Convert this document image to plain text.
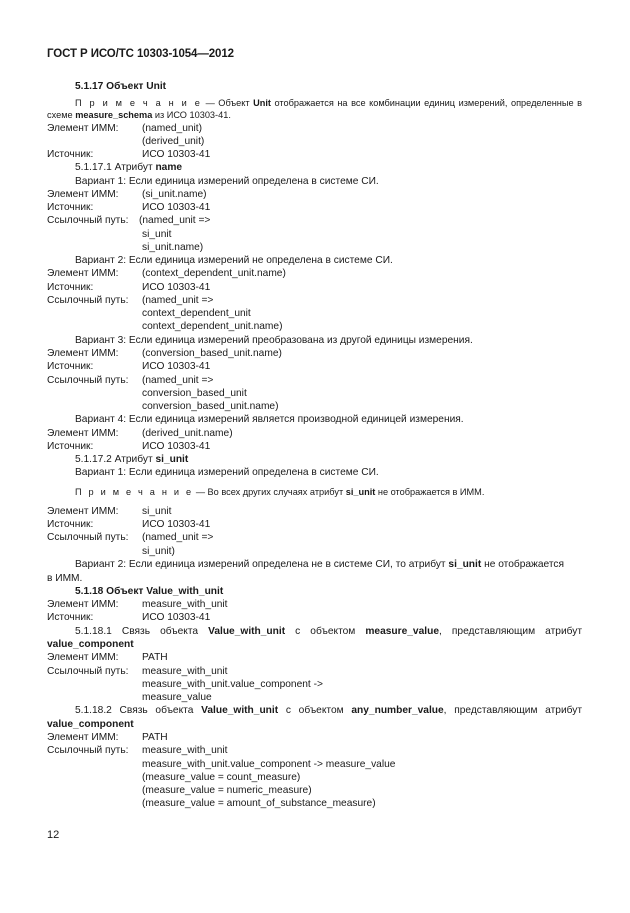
ГОСТ Р ИСО/ТС 10303-1054—2012
5.1.17 Объект Unit
П р и м е ч а н и е — Объект Unit отображается на все комбинации единиц измерений, определенные в
схеме measure_schema из ИСО 10303-41.
Элемент ИММ: (named_unit)
(derived_unit)
Источник:	ИСО 10303-41
5.1.17.1 Атрибут name
Вариант 1: Если единица измерений определена в системе СИ.
Элемент ИММ: (si_unit.name)
Источник:	ИСО 10303-41
Ссылочный путь: (named_unit =>
si_unit
si_unit.name)
Вариант 2: Если единица измерений не определена в системе СИ.
Элемент ИММ: (context_dependent_unit.name)
Источник:	ИСО 10303-41
Ссылочный путь: (named_unit =>
context_dependent_unit
context_dependent_unit.name)
Вариант 3: Если единица измерений преобразована из другой единицы измерения.
Элемент ИММ: (conversion_based_unit.name)
Источник:	ИСО 10303-41
Ссылочный путь: (named_unit =>
conversion_based_unit
conversion_based_unit.name)
Вариант 4: Если единица измерений является производной единицей измерения.
Элемент ИММ: (derived_unit.name)
Источник:	ИСО 10303-41
5.1.17.2 Атрибут si_unit
Вариант 1: Если единица измерений определена в системе СИ.
П р и м е ч а н и е — Во всех других случаях атрибут si_unit не отображается в ИММ.
Элемент ИММ: si_unit
Источник:	ИСО 10303-41
Ссылочный путь: (named_unit =>
si_unit)
Вариант 2: Если единица измерений определена не в системе СИ, то атрибут si_unit не отображается
в ИММ.
5.1.18 Объект Value_with_unit
Элемент ИММ: measure_with_unit
Источник:	ИСО 10303-41
5.1.18.1 Связь объекта Value_with_unit с объектом measure_value, представляющим атрибут
value_component
Элемент ИММ: PATH
Ссылочный путь: measure_with_unit
measure_with_unit.value_component ->
measure_value
5.1.18.2 Связь объекта Value_with_unit с объектом any_number_value, представляющим атрибут
value_component
Элемент ИММ: PATH
Ссылочный путь: measure_with_unit
measure_with_unit.value_component -> measure_value
(measure_value = count_measure)
(measure_value = numeric_measure)
(measure_value = amount_of_substance_measure)
12
